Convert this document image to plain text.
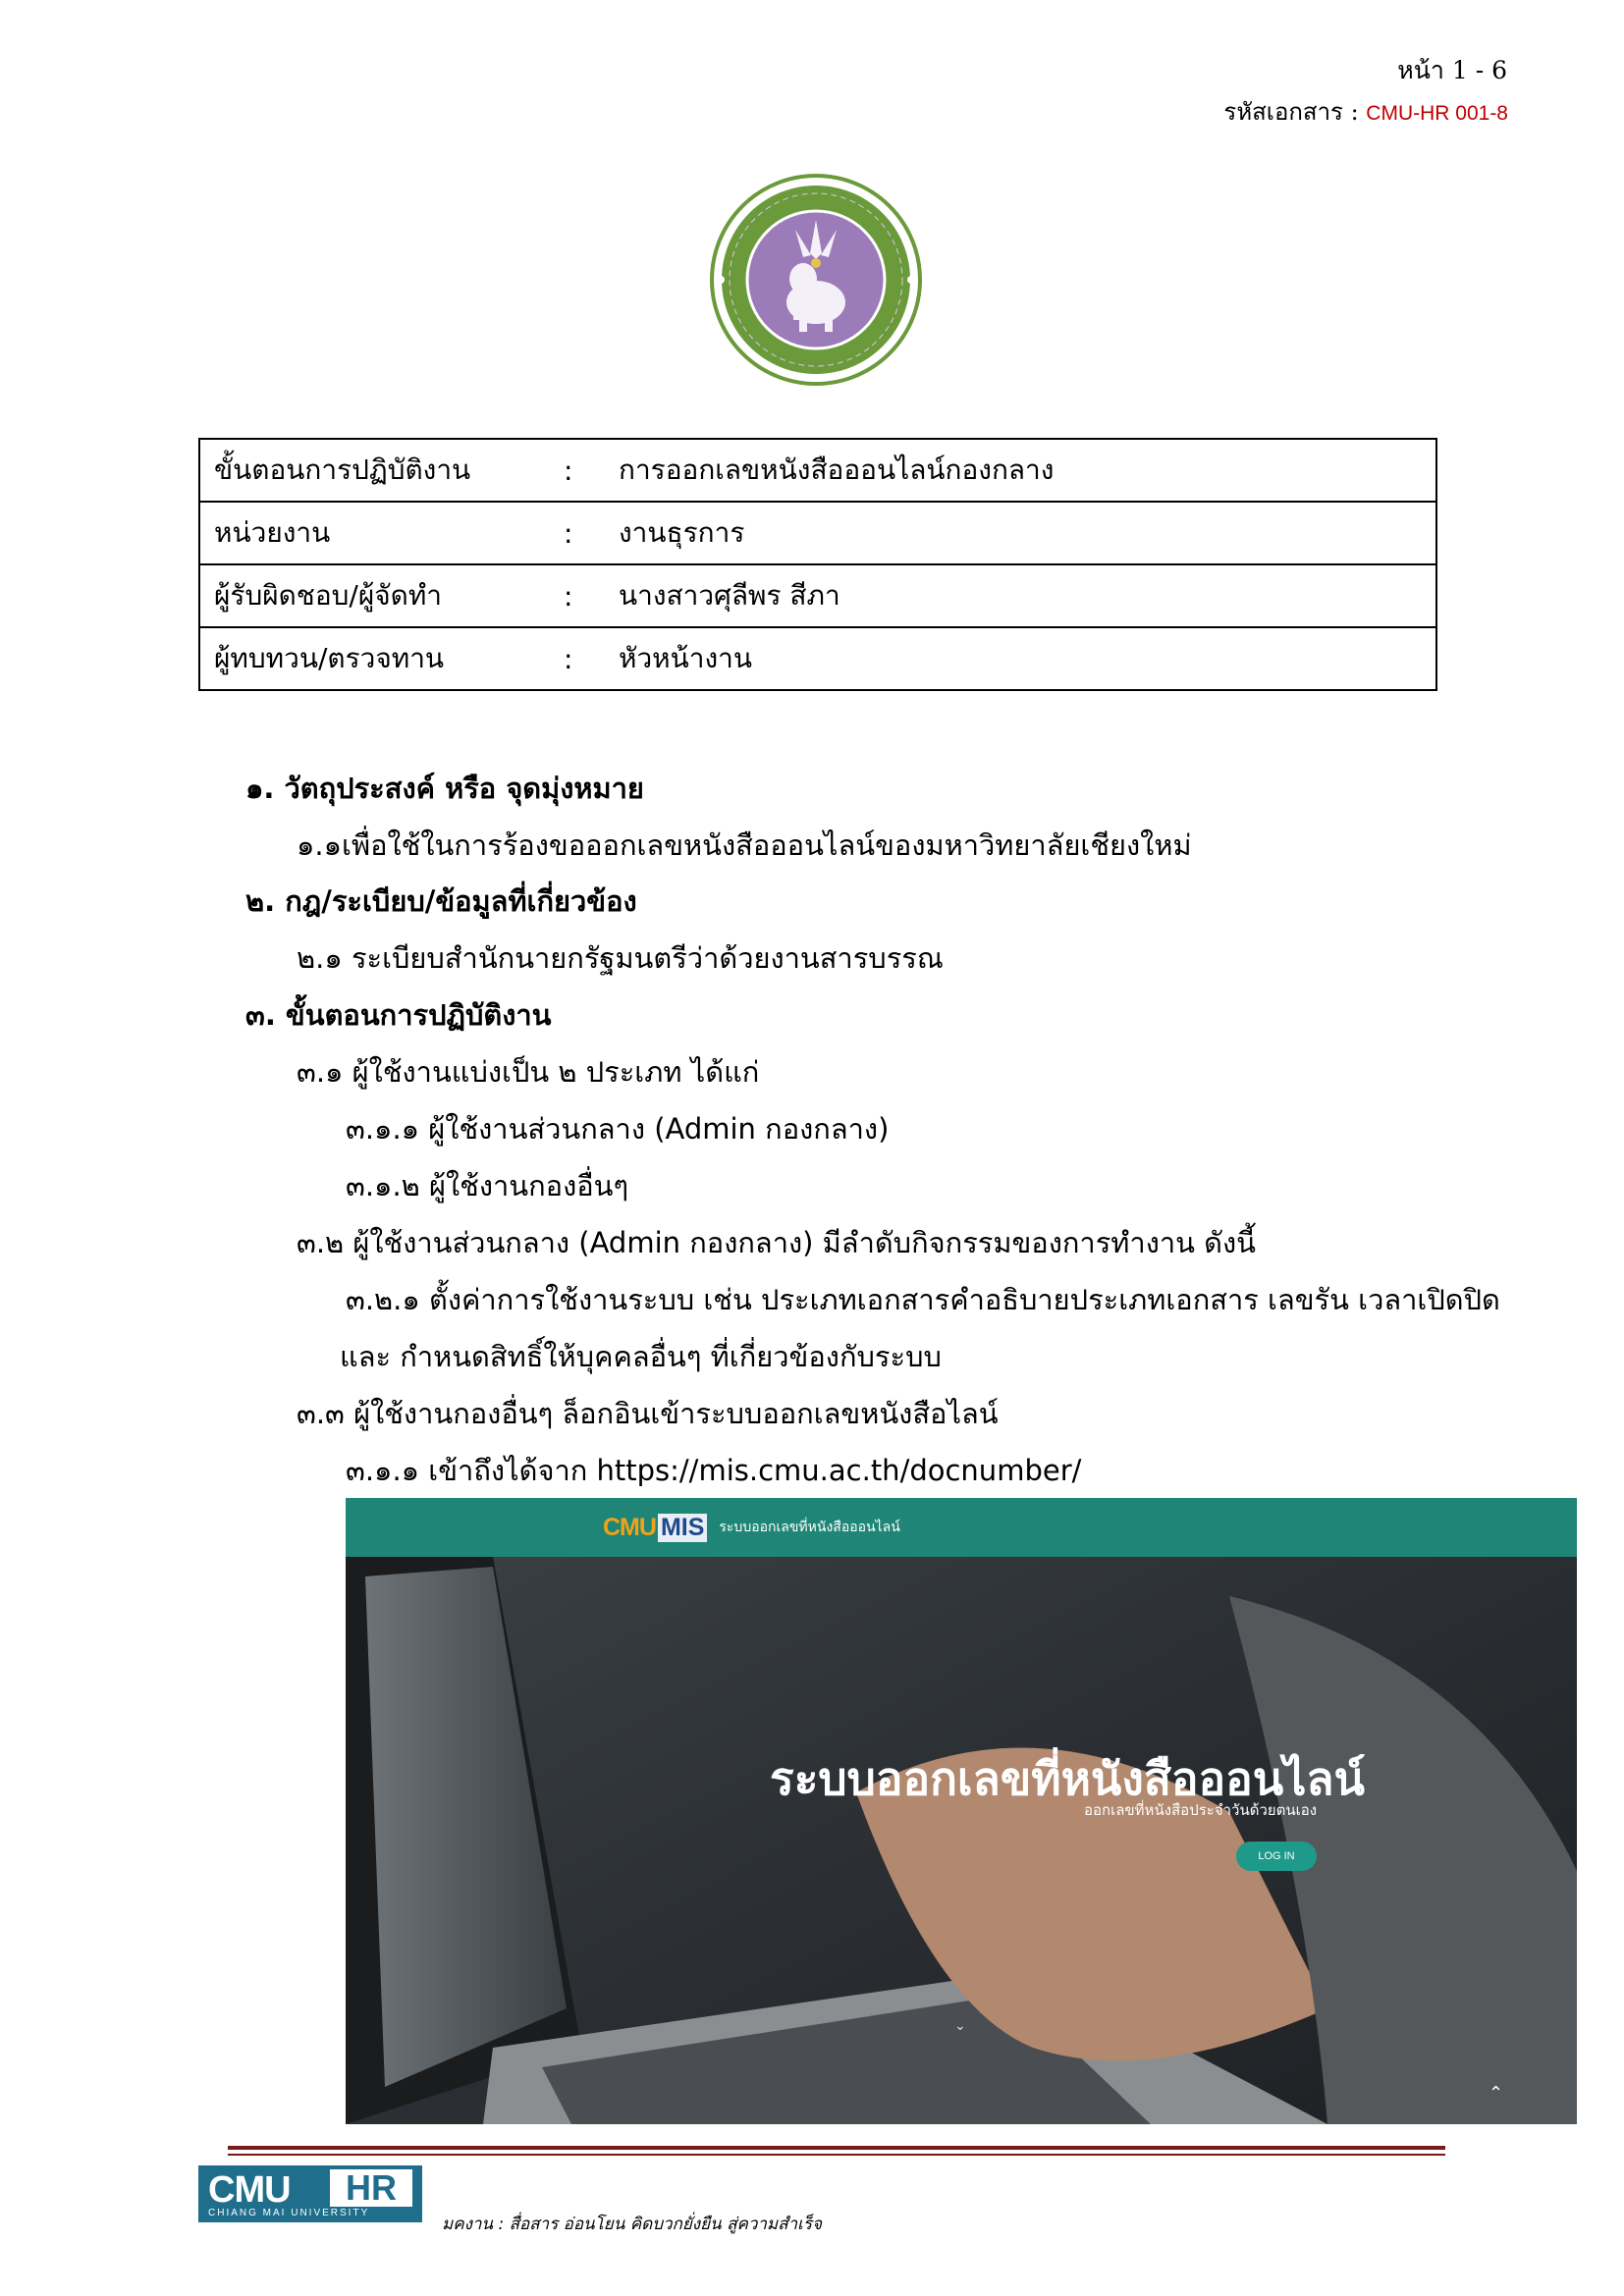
หน้า 1 - 6
รหัสเอกสาร : CMU-HR 001-8
ขั้นตอนการปฏิบัติงาน	:	การออกเลขหนังสือออนไลน์กองกลาง
หน่วยงาน	:	งานธุรการ
ผู้รับผิดชอบ/ผู้จัดทำ	:	นางสาวศุลีพร สีภา
ผู้ทบทวน/ตรวจทาน	:	หัวหน้างาน
๑. วัตถุประสงค์ หรือ จุดมุ่งหมาย
๑.๑เพื่อใช้ในการร้องขอออกเลขหนังสือออนไลน์ของมหาวิทยาลัยเชียงใหม่
๒. กฎ/ระเบียบ/ข้อมูลที่เกี่ยวข้อง
๒.๑ ระเบียบสำนักนายกรัฐมนตรีว่าด้วยงานสารบรรณ
๓. ขั้นตอนการปฏิบัติงาน
๓.๑ ผู้ใช้งานแบ่งเป็น ๒ ประเภท ได้แก่
๓.๑.๑ ผู้ใช้งานส่วนกลาง (Admin กองกลาง)
๓.๑.๒ ผู้ใช้งานกองอื่นๆ
๓.๒ ผู้ใช้งานส่วนกลาง (Admin กองกลาง) มีลำดับกิจกรรมของการทำงาน ดังนี้
๓.๒.๑ ตั้งค่าการใช้งานระบบ เช่น ประเภทเอกสารคำอธิบายประเภทเอกสาร เลขรัน เวลาเปิดปิด
และ กำหนดสิทธิ์ให้บุคคลอื่นๆ ที่เกี่ยวข้องกับระบบ
๓.๓ ผู้ใช้งานกองอื่นๆ ล็อกอินเข้าระบบออกเลขหนังสือไลน์
๓.๑.๑ เข้าถึงได้จาก https://mis.cmu.ac.th/docnumber/
CMU MIS ระบบออกเลขที่หนังสือออนไลน์
ระบบออกเลขที่หนังสือออนไลน์
ออกเลขที่หนังสือประจำวันด้วยตนเอง
LOG IN
⌄
⌃
CMU	HR
CHIANG MAI UNIVERSITY
มคงาน : สื่อสาร อ่อนโยน คิดบวกยั่งยืน สู่ความสำเร็จ
